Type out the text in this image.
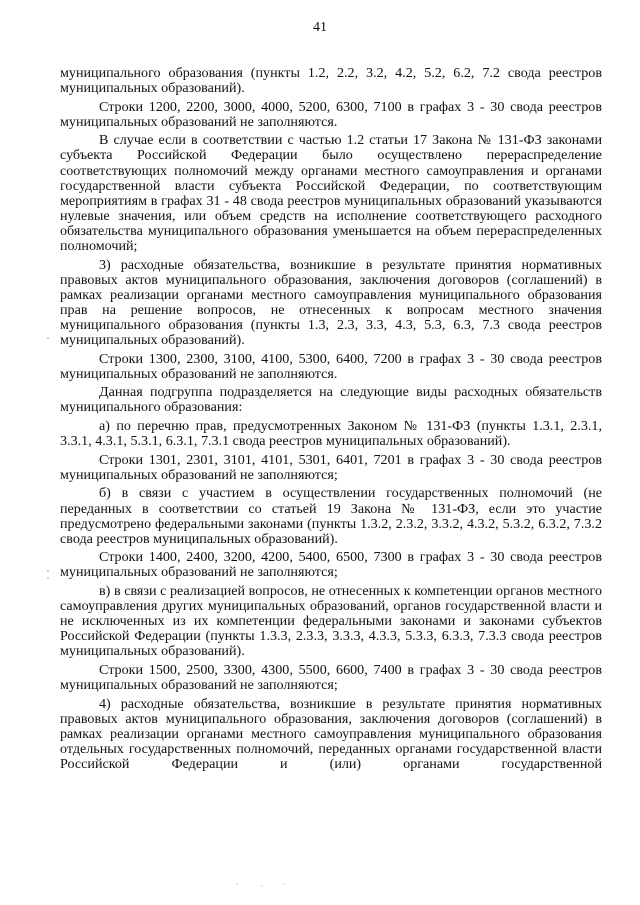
41

муниципального образования (пункты 1.2, 2.2, 3.2, 4.2, 5.2, 6.2, 7.2 свода реестров муниципальных образований).

Строки 1200, 2200, 3000, 4000, 5200, 6300, 7100 в графах 3 - 30 свода реестров муниципальных образований не заполняются.

В случае если в соответствии с частью 1.2 статьи 17 Закона № 131-ФЗ законами субъекта Российской Федерации было осуществлено перераспределение соответствующих полномочий между органами местного самоуправления и органами государственной власти субъекта Российской Федерации, по соответствующим мероприятиям в графах 31 - 48 свода реестров муниципальных образований указываются нулевые значения, или объем средств на исполнение соответствующего расходного обязательства муниципального образования уменьшается на объем перераспределенных полномочий;

3) расходные обязательства, возникшие в результате принятия нормативных правовых актов муниципального образования, заключения договоров (соглашений) в рамках реализации органами местного самоуправления муниципального образования прав на решение вопросов, не отнесенных к вопросам местного значения муниципального образования (пункты 1.3, 2.3, 3.3, 4.3, 5.3, 6.3, 7.3 свода реестров муниципальных образований).

Строки 1300, 2300, 3100, 4100, 5300, 6400, 7200 в графах 3 - 30 свода реестров муниципальных образований не заполняются.

Данная подгруппа подразделяется на следующие виды расходных обязательств муниципального образования:

а) по перечню прав, предусмотренных Законом № 131-ФЗ (пункты 1.3.1, 2.3.1, 3.3.1, 4.3.1, 5.3.1, 6.3.1, 7.3.1 свода реестров муниципальных образований).

Строки 1301, 2301, 3101, 4101, 5301, 6401, 7201 в графах 3 - 30 свода реестров муниципальных образований не заполняются;

б) в связи с участием в осуществлении государственных полномочий (не переданных в соответствии со статьей 19 Закона № 131-ФЗ, если это участие предусмотрено федеральными законами (пункты 1.3.2, 2.3.2, 3.3.2, 4.3.2, 5.3.2, 6.3.2, 7.3.2 свода реестров муниципальных образований).

Строки 1400, 2400, 3200, 4200, 5400, 6500, 7300 в графах 3 - 30 свода реестров муниципальных образований не заполняются;

в) в связи с реализацией вопросов, не отнесенных к компетенции органов местного самоуправления других муниципальных образований, органов государственной власти и не исключенных из их компетенции федеральными законами и законами субъектов Российской Федерации (пункты 1.3.3, 2.3.3, 3.3.3, 4.3.3, 5.3.3, 6.3.3, 7.3.3 свода реестров муниципальных образований).

Строки 1500, 2500, 3300, 4300, 5500, 6600, 7400 в графах 3 - 30 свода реестров муниципальных образований не заполняются;

4) расходные обязательства, возникшие в результате принятия нормативных правовых актов муниципального образования, заключения договоров (соглашений) в рамках реализации органами местного самоуправления муниципального образования отдельных государственных полномочий, переданных органами государственной власти Российской Федерации и (или) органами государственной
